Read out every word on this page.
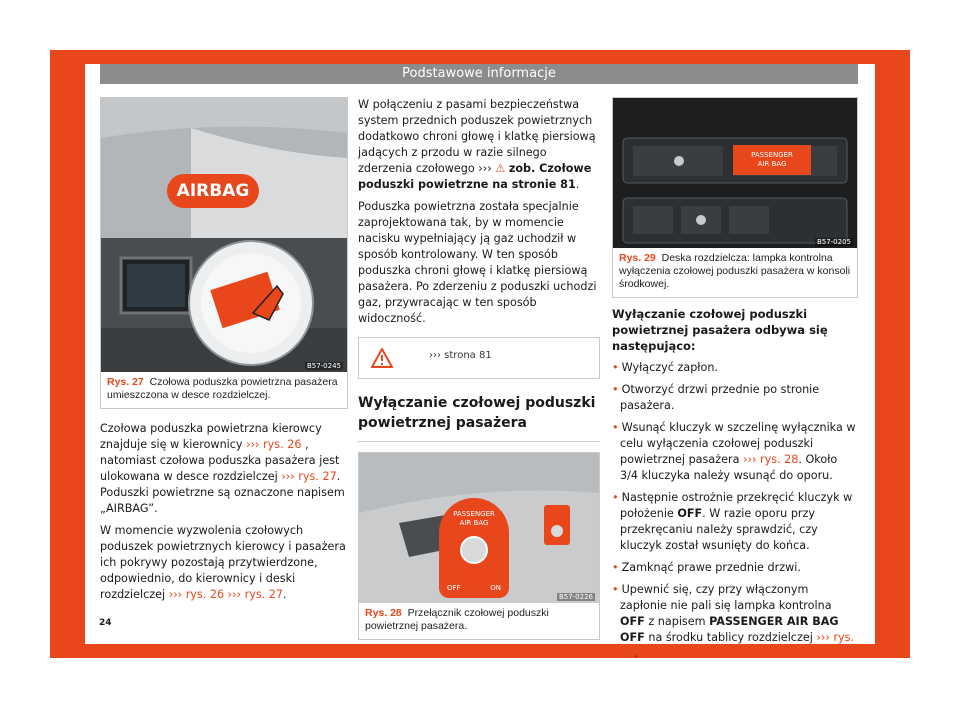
Podstawowe informacje
AIRBAG
B57-0245
Rys. 27 Czołowa poduszka powietrzna pasażera umieszczona w desce rozdzielczej.

Czołowa poduszka powietrzna kierowcy znajduje się w kierownicy ››› rys. 26 , natomiast czołowa poduszka pasażera jest ulokowana w desce rozdzielczej ››› rys. 27. Poduszki powietrzne są oznaczone napisem „AIRBAG”.

W momencie wyzwolenia czołowych poduszek powietrznych kierowcy i pasażera ich pokrywy pozostają przytwierdzone, odpowiednio, do kierownicy i deski rozdzielczej ››› rys. 26 ››› rys. 27.

24

W połączeniu z pasami bezpieczeństwa system przednich poduszek powietrznych dodatkowo chroni głowę i klatkę piersiową jadących z przodu w razie silnego zderzenia czołowego ››› ⚠ zob. Czołowe poduszki powietrzne na stronie 81.

Poduszka powietrzna została specjalnie zaprojektowana tak, by w momencie nacisku wypełniający ją gaz uchodził w sposób kontrolowany. W ten sposób poduszka chroni głowę i klatkę piersiową pasażera. Po zderzeniu z poduszki uchodzi gaz, przywracając w ten sposób widoczność.

››› strona 81
Wyłączanie czołowej poduszki powietrznej pasażera
PASSENGER
AIR BAG
OFF	ON
B57-0226
Rys. 28 Przełącznik czołowej poduszki powietrznej pasażera.
PASSENGER
AIR BAG
B57-0205
Rys. 29 Deska rozdzielcza: lampka kontrolna wyłączenia czołowej poduszki pasażera w konsoli środkowej.
Wyłączanie czołowej poduszki powietrznej pasażera odbywa się następująco:

• Wyłączyć zapłon.

• Otworzyć drzwi przednie po stronie pasażera.

• Wsunąć kluczyk w szczelinę wyłącznika w celu wyłączenia czołowej poduszki powietrznej pasażera ››› rys. 28. Około 3/4 kluczyka należy wsunąć do oporu.

• Następnie ostrożnie przekręcić kluczyk w położenie OFF. W razie oporu przy przekręcaniu należy sprawdzić, czy kluczyk został wsunięty do końca.

• Zamknąć prawe przednie drzwi.

• Upewnić się, czy przy włączonym zapłonie nie pali się lampka kontrolna OFF z napisem PASSENGER AIR BAG OFF na środku tablicy rozdzielczej ››› rys. 29.
